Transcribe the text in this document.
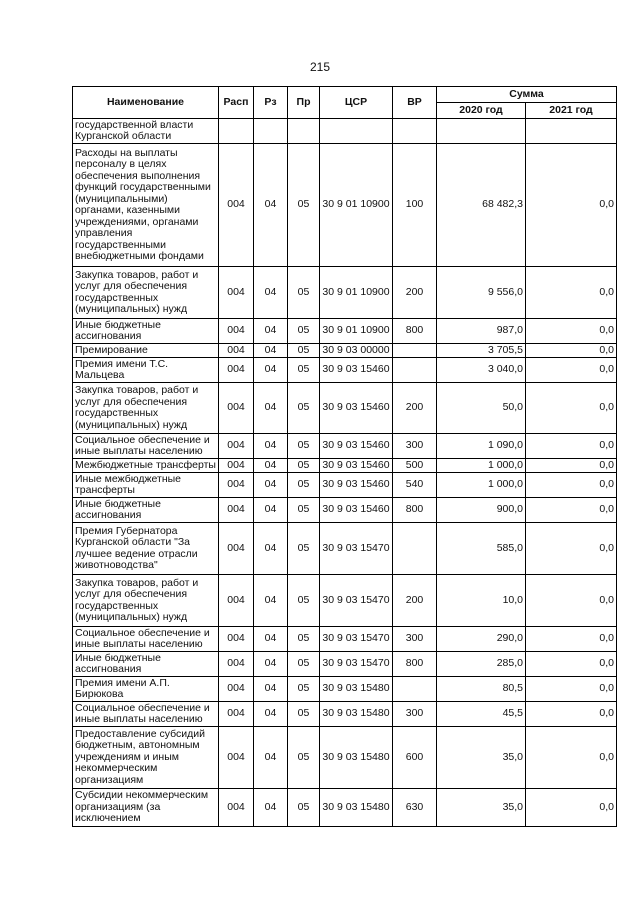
215
Наименование	Расп	Рз	Пр	ЦСР	ВР	Сумма	
						2020 год	2021 год
государственной власти Курганской области							
Расходы на выплаты персоналу в целях обеспечения выполнения функций государственными (муниципальными) органами, казенными учреждениями, органами управления государственными внебюджетными фондами	004	04	05	30 9 01 10900	100	68 482,3	0,0
Закупка товаров, работ и услуг для обеспечения государственных (муниципальных) нужд	004	04	05	30 9 01 10900	200	9 556,0	0,0
Иные бюджетные ассигнования	004	04	05	30 9 01 10900	800	987,0	0,0
Премирование	004	04	05	30 9 03 00000		3 705,5	0,0
Премия имени Т.С. Мальцева	004	04	05	30 9 03 15460		3 040,0	0,0
Закупка товаров, работ и услуг для обеспечения государственных (муниципальных) нужд	004	04	05	30 9 03 15460	200	50,0	0,0
Социальное обеспечение и иные выплаты населению	004	04	05	30 9 03 15460	300	1 090,0	0,0
Межбюджетные трансферты	004	04	05	30 9 03 15460	500	1 000,0	0,0
Иные межбюджетные трансферты	004	04	05	30 9 03 15460	540	1 000,0	0,0
Иные бюджетные ассигнования	004	04	05	30 9 03 15460	800	900,0	0,0
Премия Губернатора Курганской области "За лучшее ведение отрасли животноводства"	004	04	05	30 9 03 15470		585,0	0,0
Закупка товаров, работ и услуг для обеспечения государственных (муниципальных) нужд	004	04	05	30 9 03 15470	200	10,0	0,0
Социальное обеспечение и иные выплаты населению	004	04	05	30 9 03 15470	300	290,0	0,0
Иные бюджетные ассигнования	004	04	05	30 9 03 15470	800	285,0	0,0
Премия имени А.П. Бирюкова	004	04	05	30 9 03 15480		80,5	0,0
Социальное обеспечение и иные выплаты населению	004	04	05	30 9 03 15480	300	45,5	0,0
Предоставление субсидий бюджетным, автономным учреждениям и иным некоммерческим организациям	004	04	05	30 9 03 15480	600	35,0	0,0
Субсидии некоммерческим организациям (за исключением	004	04	05	30 9 03 15480	630	35,0	0,0
